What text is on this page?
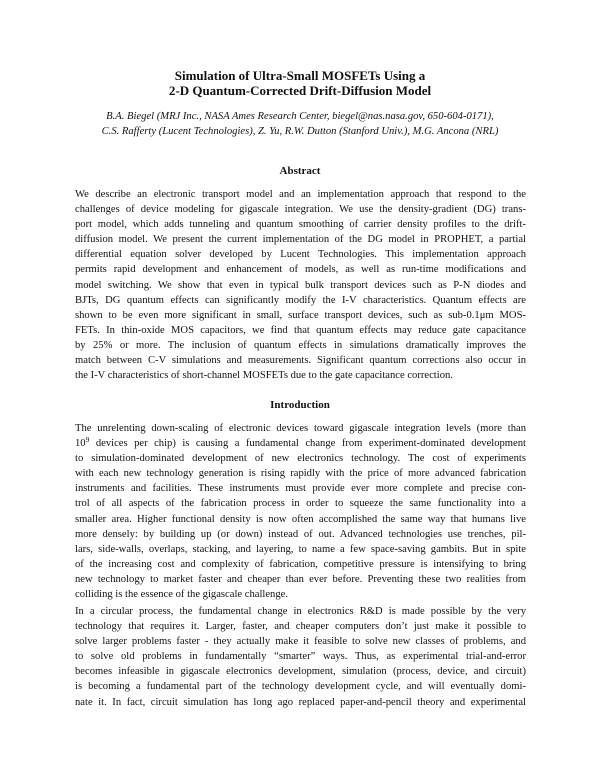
Simulation of Ultra-Small MOSFETs Using a
2-D Quantum-Corrected Drift-Diffusion Model
B.A. Biegel (MRJ Inc., NASA Ames Research Center, biegel@nas.nasa.gov, 650-604-0171),
C.S. Rafferty (Lucent Technologies), Z. Yu, R.W. Dutton (Stanford Univ.), M.G. Ancona (NRL)
Abstract
We describe an electronic transport model and an implementation approach that respond to the
challenges of device modeling for gigascale integration. We use the density-gradient (DG) trans-
port model, which adds tunneling and quantum smoothing of carrier density profiles to the drift-
diffusion model. We present the current implementation of the DG model in PROPHET, a partial
differential equation solver developed by Lucent Technologies. This implementation approach
permits rapid development and enhancement of models, as well as run-time modifications and
model switching. We show that even in typical bulk transport devices such as P-N diodes and
BJTs, DG quantum effects can significantly modify the I-V characteristics. Quantum effects are
shown to be even more significant in small, surface transport devices, such as sub-0.1μm MOS-
FETs. In thin-oxide MOS capacitors, we find that quantum effects may reduce gate capacitance
by 25% or more. The inclusion of quantum effects in simulations dramatically improves the
match between C-V simulations and measurements. Significant quantum corrections also occur in
the I-V characteristics of short-channel MOSFETs due to the gate capacitance correction.
Introduction
The unrelenting down-scaling of electronic devices toward gigascale integration levels (more than
$10^9$ devices per chip) is causing a fundamental change from experiment-dominated development
to simulation-dominated development of new electronics technology. The cost of experiments
with each new technology generation is rising rapidly with the price of more advanced fabrication
instruments and facilities. These instruments must provide ever more complete and precise con-
trol of all aspects of the fabrication process in order to squeeze the same functionality into a
smaller area. Higher functional density is now often accomplished the same way that humans live
more densely: by building up (or down) instead of out. Advanced technologies use trenches, pil-
lars, side-walls, overlaps, stacking, and layering, to name a few space-saving gambits. But in spite
of the increasing cost and complexity of fabrication, competitive pressure is intensifying to bring
new technology to market faster and cheaper than ever before. Preventing these two realities from
colliding is the essence of the gigascale challenge.
In a circular process, the fundamental change in electronics R&D is made possible by the very
technology that requires it. Larger, faster, and cheaper computers don’t just make it possible to
solve larger problems faster - they actually make it feasible to solve new classes of problems, and
to solve old problems in fundamentally “smarter” ways. Thus, as experimental trial-and-error
becomes infeasible in gigascale electronics development, simulation (process, device, and circuit)
is becoming a fundamental part of the technology development cycle, and will eventually domi-
nate it. In fact, circuit simulation has long ago replaced paper-and-pencil theory and experimental
